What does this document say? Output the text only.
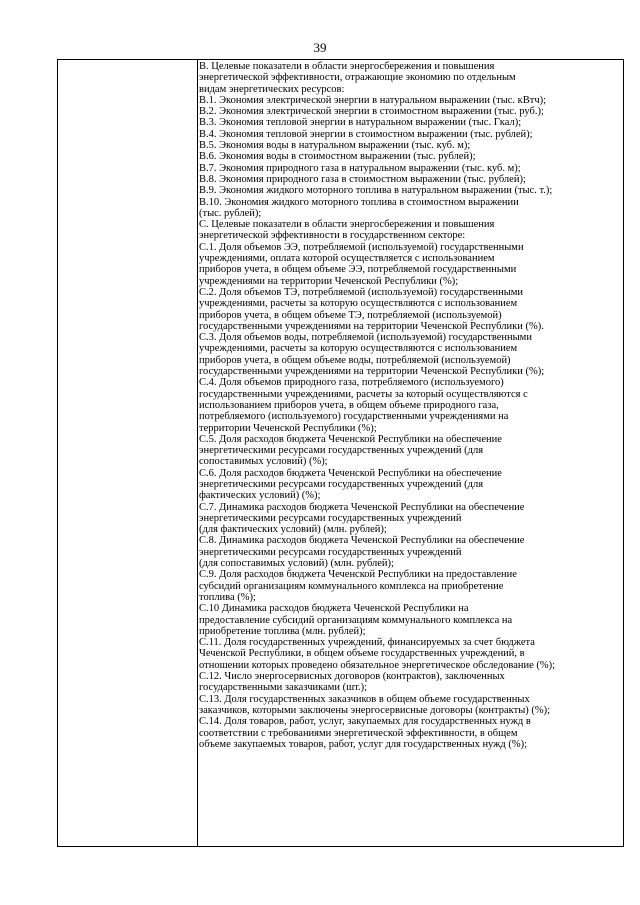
39
В. Целевые показатели в области энергосбережения и повышения
энергетической эффективности, отражающие экономию по отдельным
видам энергетических ресурсов:
В.1. Экономия электрической энергии в натуральном выражении (тыс. кВтч);
В.2. Экономия электрической энергии в стоимостном выражении (тыс. руб.);
В.3. Экономия тепловой энергии в натуральном выражении (тыс. Гкал);
В.4. Экономия тепловой энергии в стоимостном выражении (тыс. рублей);
В.5. Экономия воды в натуральном выражении (тыс. куб. м);
В.6. Экономия воды в стоимостном выражении (тыс. рублей);
В.7. Экономия природного газа в натуральном выражении (тыс. куб. м);
В.8. Экономия природного газа в стоимостном выражении (тыс. рублей);
В.9. Экономия жидкого моторного топлива в натуральном выражении (тыс. т.);
В.10. Экономия жидкого моторного топлива в стоимостном выражении
(тыс. рублей);
С. Целевые показатели в области энергосбережения и повышения
энергетической эффективности в государственном секторе:
С.1. Доля объемов ЭЭ, потребляемой (используемой) государственными
учреждениями, оплата которой осуществляется с использованием
приборов учета, в общем объеме ЭЭ, потребляемой государственными
учреждениями на территории Чеченской Республики (%);
С.2. Доля объемов ТЭ, потребляемой (используемой) государственными
учреждениями, расчеты за которую осуществляются с использованием
приборов учета, в общем объеме ТЭ, потребляемой (используемой)
государственными учреждениями на территории Чеченской Республики (%).
С.3. Доля объемов воды, потребляемой (используемой) государственными
учреждениями, расчеты за которую осуществляются с использованием
приборов учета, в общем объеме воды, потребляемой (используемой)
государственными учреждениями на территории Чеченской Республики (%);
С.4. Доля объемов природного газа, потребляемого (используемого)
государственными учреждениями, расчеты за который осуществляются с
использованием приборов учета, в общем объеме природного газа,
потребляемого (используемого) государственными учреждениями на
территории Чеченской Республики (%);
С.5. Доля расходов бюджета Чеченской Республики на обеспечение
энергетическими ресурсами государственных учреждений (для
сопоставимых условий) (%);
С.6. Доля расходов бюджета Чеченской Республики на обеспечение
энергетическими ресурсами государственных учреждений (для
фактических условий) (%);
С.7. Динамика расходов бюджета Чеченской Республики на обеспечение
энергетическими ресурсами государственных учреждений
(для фактических условий) (млн. рублей);
С.8. Динамика расходов бюджета Чеченской Республики на обеспечение
энергетическими ресурсами государственных учреждений
(для сопоставимых условий) (млн. рублей);
С.9. Доля расходов бюджета Чеченской Республики на предоставление
субсидий организациям коммунального комплекса на приобретение
топлива (%);
С.10 Динамика расходов бюджета Чеченской Республики на
предоставление субсидий организациям коммунального комплекса на
приобретение топлива (млн. рублей);
С.11. Доля государственных учреждений, финансируемых за счет бюджета
Чеченской Республики, в общем объеме государственных учреждений, в
отношении которых проведено обязательное энергетическое обследование (%);
С.12. Число энергосервисных договоров (контрактов), заключенных
государственными заказчиками (шт.);
С.13. Доля государственных заказчиков в общем объеме государственных
заказчиков, которыми заключены энергосервисные договоры (контракты) (%);
С.14. Доля товаров, работ, услуг, закупаемых для государственных нужд в
соответствии с требованиями энергетической эффективности, в общем
объеме закупаемых товаров, работ, услуг для государственных нужд (%);
